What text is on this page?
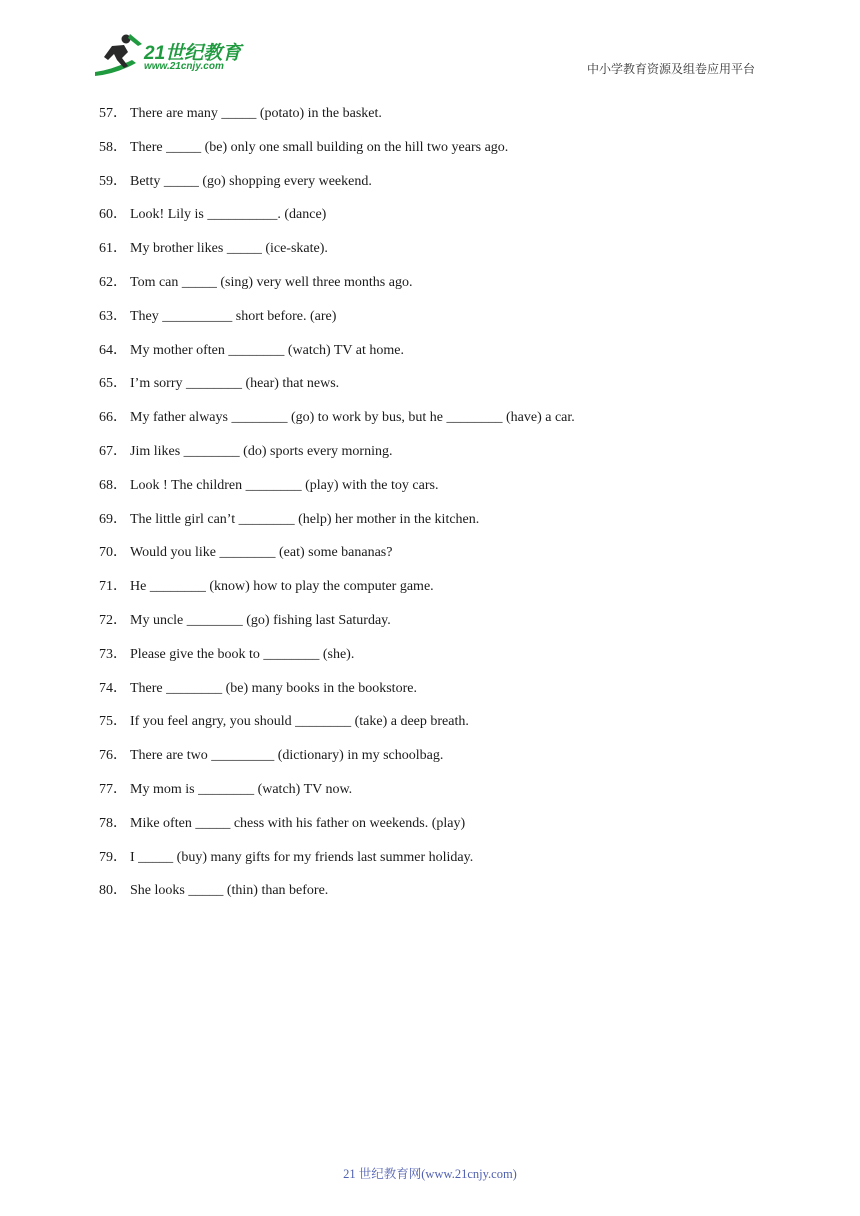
21世纪教育
www.21cnjy.com	中小学教育资源及组卷应用平台
57． There are many _____ (potato) in the basket.
58． There _____ (be) only one small building on the hill two years ago.
59． Betty _____ (go) shopping every weekend.
60． Look! Lily is __________. (dance)
61． My brother likes _____ (ice-skate).
62． Tom can _____ (sing) very well three months ago.
63． They __________ short before. (are)
64． My mother often ________ (watch) TV at home.
65． I’m sorry ________ (hear) that news.
66． My father always ________ (go) to work by bus, but he ________ (have) a car.
67． Jim likes ________ (do) sports every morning.
68． Look ! The children ________ (play) with the toy cars.
69． The little girl can’t ________ (help) her mother in the kitchen.
70． Would you like ________ (eat) some bananas?
71． He ________ (know) how to play the computer game.
72． My uncle ________ (go) fishing last Saturday.
73． Please give the book to ________ (she).
74． There ________ (be) many books in the bookstore.
75． If you feel angry, you should ________ (take) a deep breath.
76． There are two _________ (dictionary) in my schoolbag.
77． My mom is ________ (watch) TV now.
78． Mike often _____ chess with his father on weekends. (play)
79． I _____ (buy) many gifts for my friends last summer holiday.
80． She looks _____ (thin) than before.
21 世纪教育网(www.21cnjy.com)
